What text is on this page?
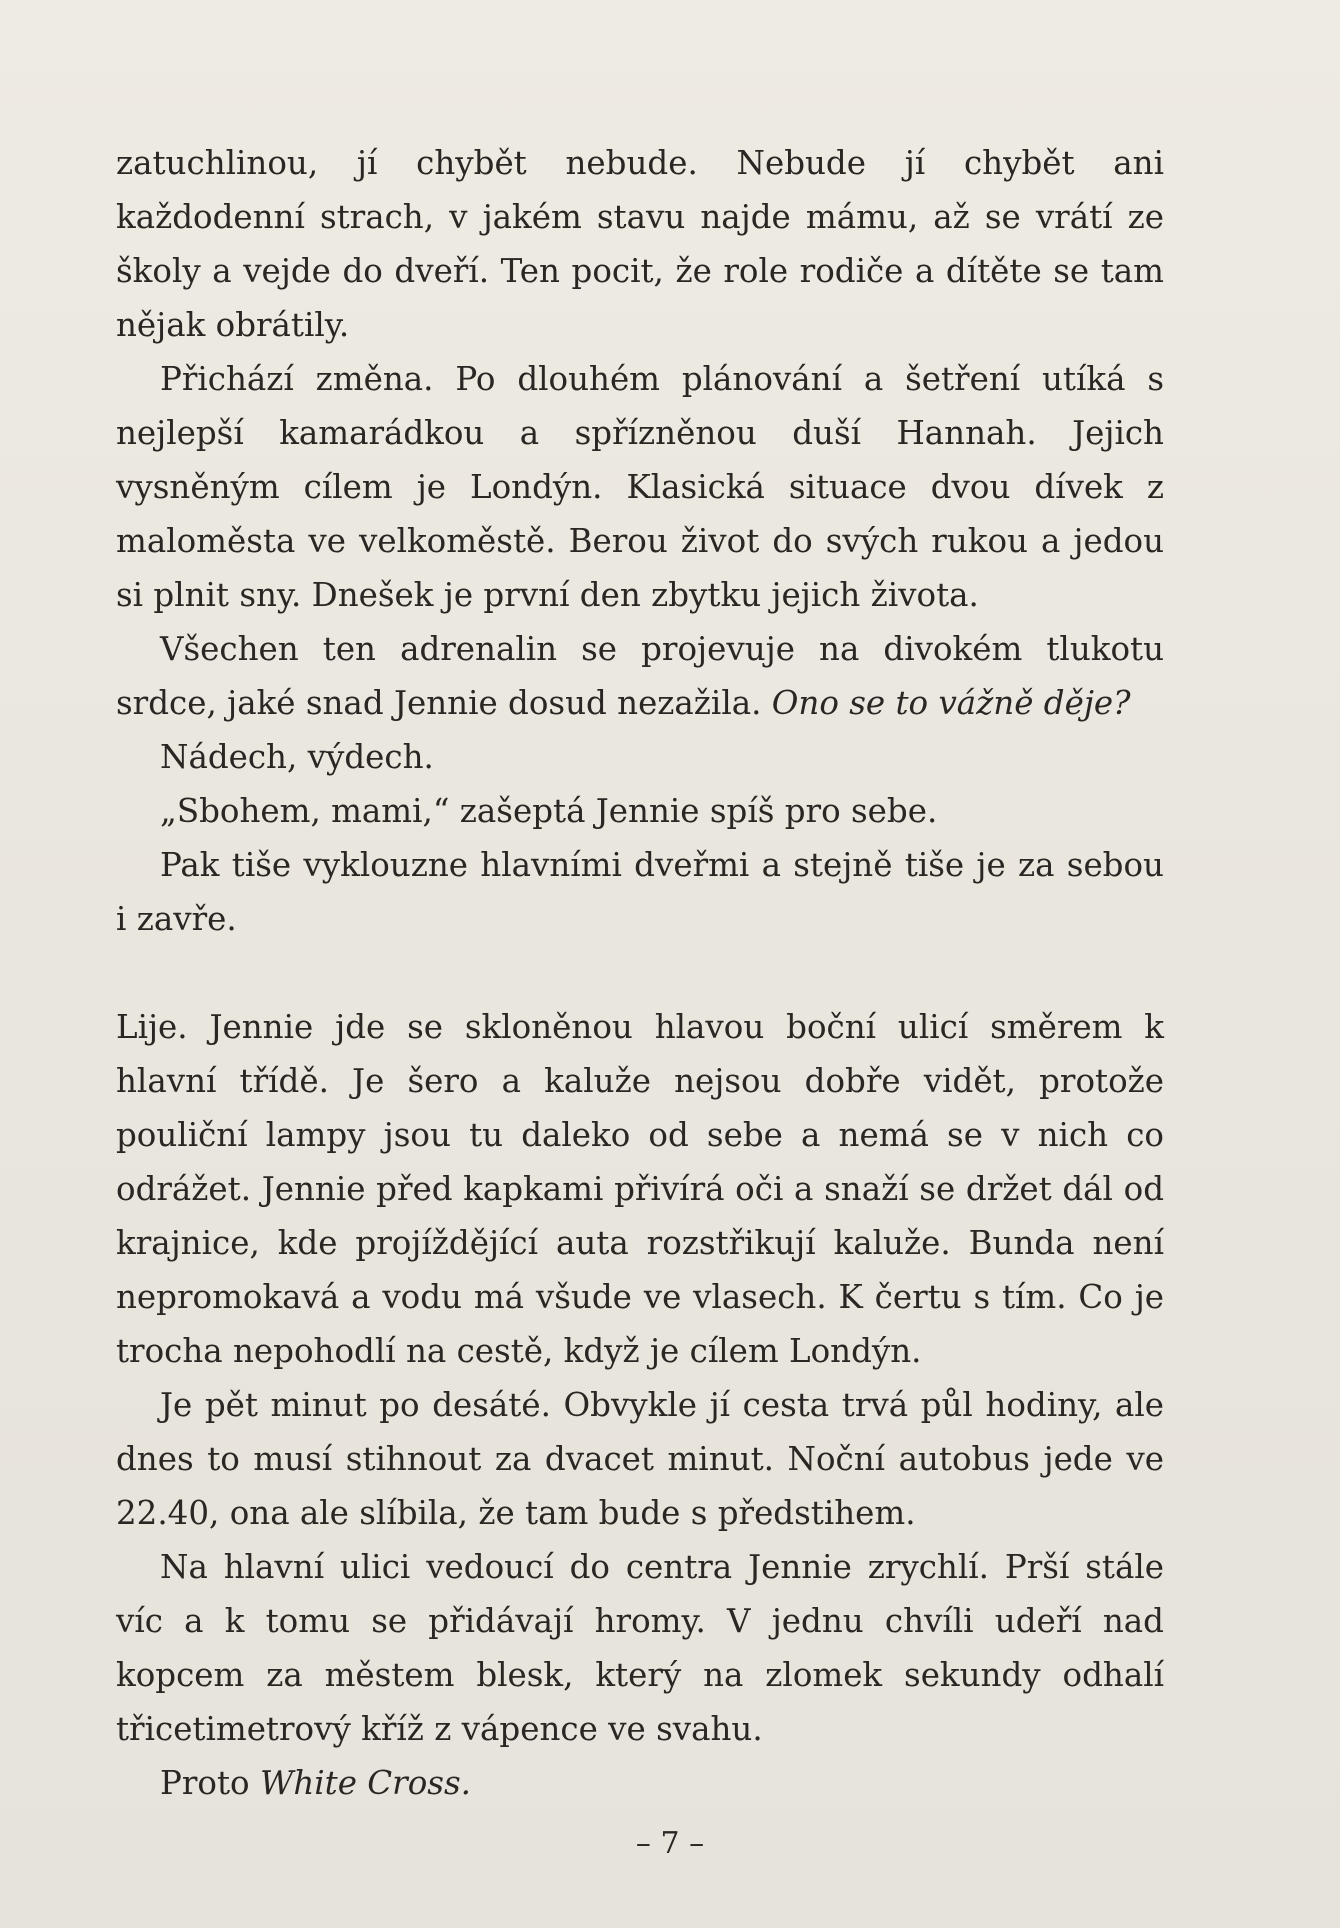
zatuchlinou, jí chybět nebude. Nebude jí chybět ani každodenní strach, v jakém stavu najde mámu, až se vrátí ze školy a vejde do dveří. Ten pocit, že role rodiče a dítěte se tam nějak obrátily.

Přichází změna. Po dlouhém plánování a šetření utíká s nejlepší kamarádkou a spřízněnou duší Hannah. Jejich vysněným cílem je Londýn. Klasická situace dvou dívek z maloměsta ve velkoměstě. Berou život do svých rukou a jedou si plnit sny. Dnešek je první den zbytku jejich života.

Všechen ten adrenalin se projevuje na divokém tlukotu srdce, jaké snad Jennie dosud nezažila. Ono se to vážně děje?

Nádech, výdech.

„Sbohem, mami,“ zašeptá Jennie spíš pro sebe.

Pak tiše vyklouzne hlavními dveřmi a stejně tiše je za sebou i zavře.

Lije. Jennie jde se skloněnou hlavou boční ulicí směrem k hlavní třídě. Je šero a kaluže nejsou dobře vidět, protože pouliční lampy jsou tu daleko od sebe a nemá se v nich co odrážet. Jennie před kapkami přivírá oči a snaží se držet dál od krajnice, kde projíždějící auta rozstřikují kaluže. Bunda není nepromokavá a vodu má všude ve vlasech. K čertu s tím. Co je trocha nepohodlí na cestě, když je cílem Londýn.

Je pět minut po desáté. Obvykle jí cesta trvá půl hodiny, ale dnes to musí stihnout za dvacet minut. Noční autobus jede ve 22.40, ona ale slíbila, že tam bude s předstihem.

Na hlavní ulici vedoucí do centra Jennie zrychlí. Prší stále víc a k tomu se přidávají hromy. V jednu chvíli udeří nad kopcem za městem blesk, který na zlomek sekundy odhalí třicetimetrový kříž z vápence ve svahu.

Proto White Cross.

– 7 –
